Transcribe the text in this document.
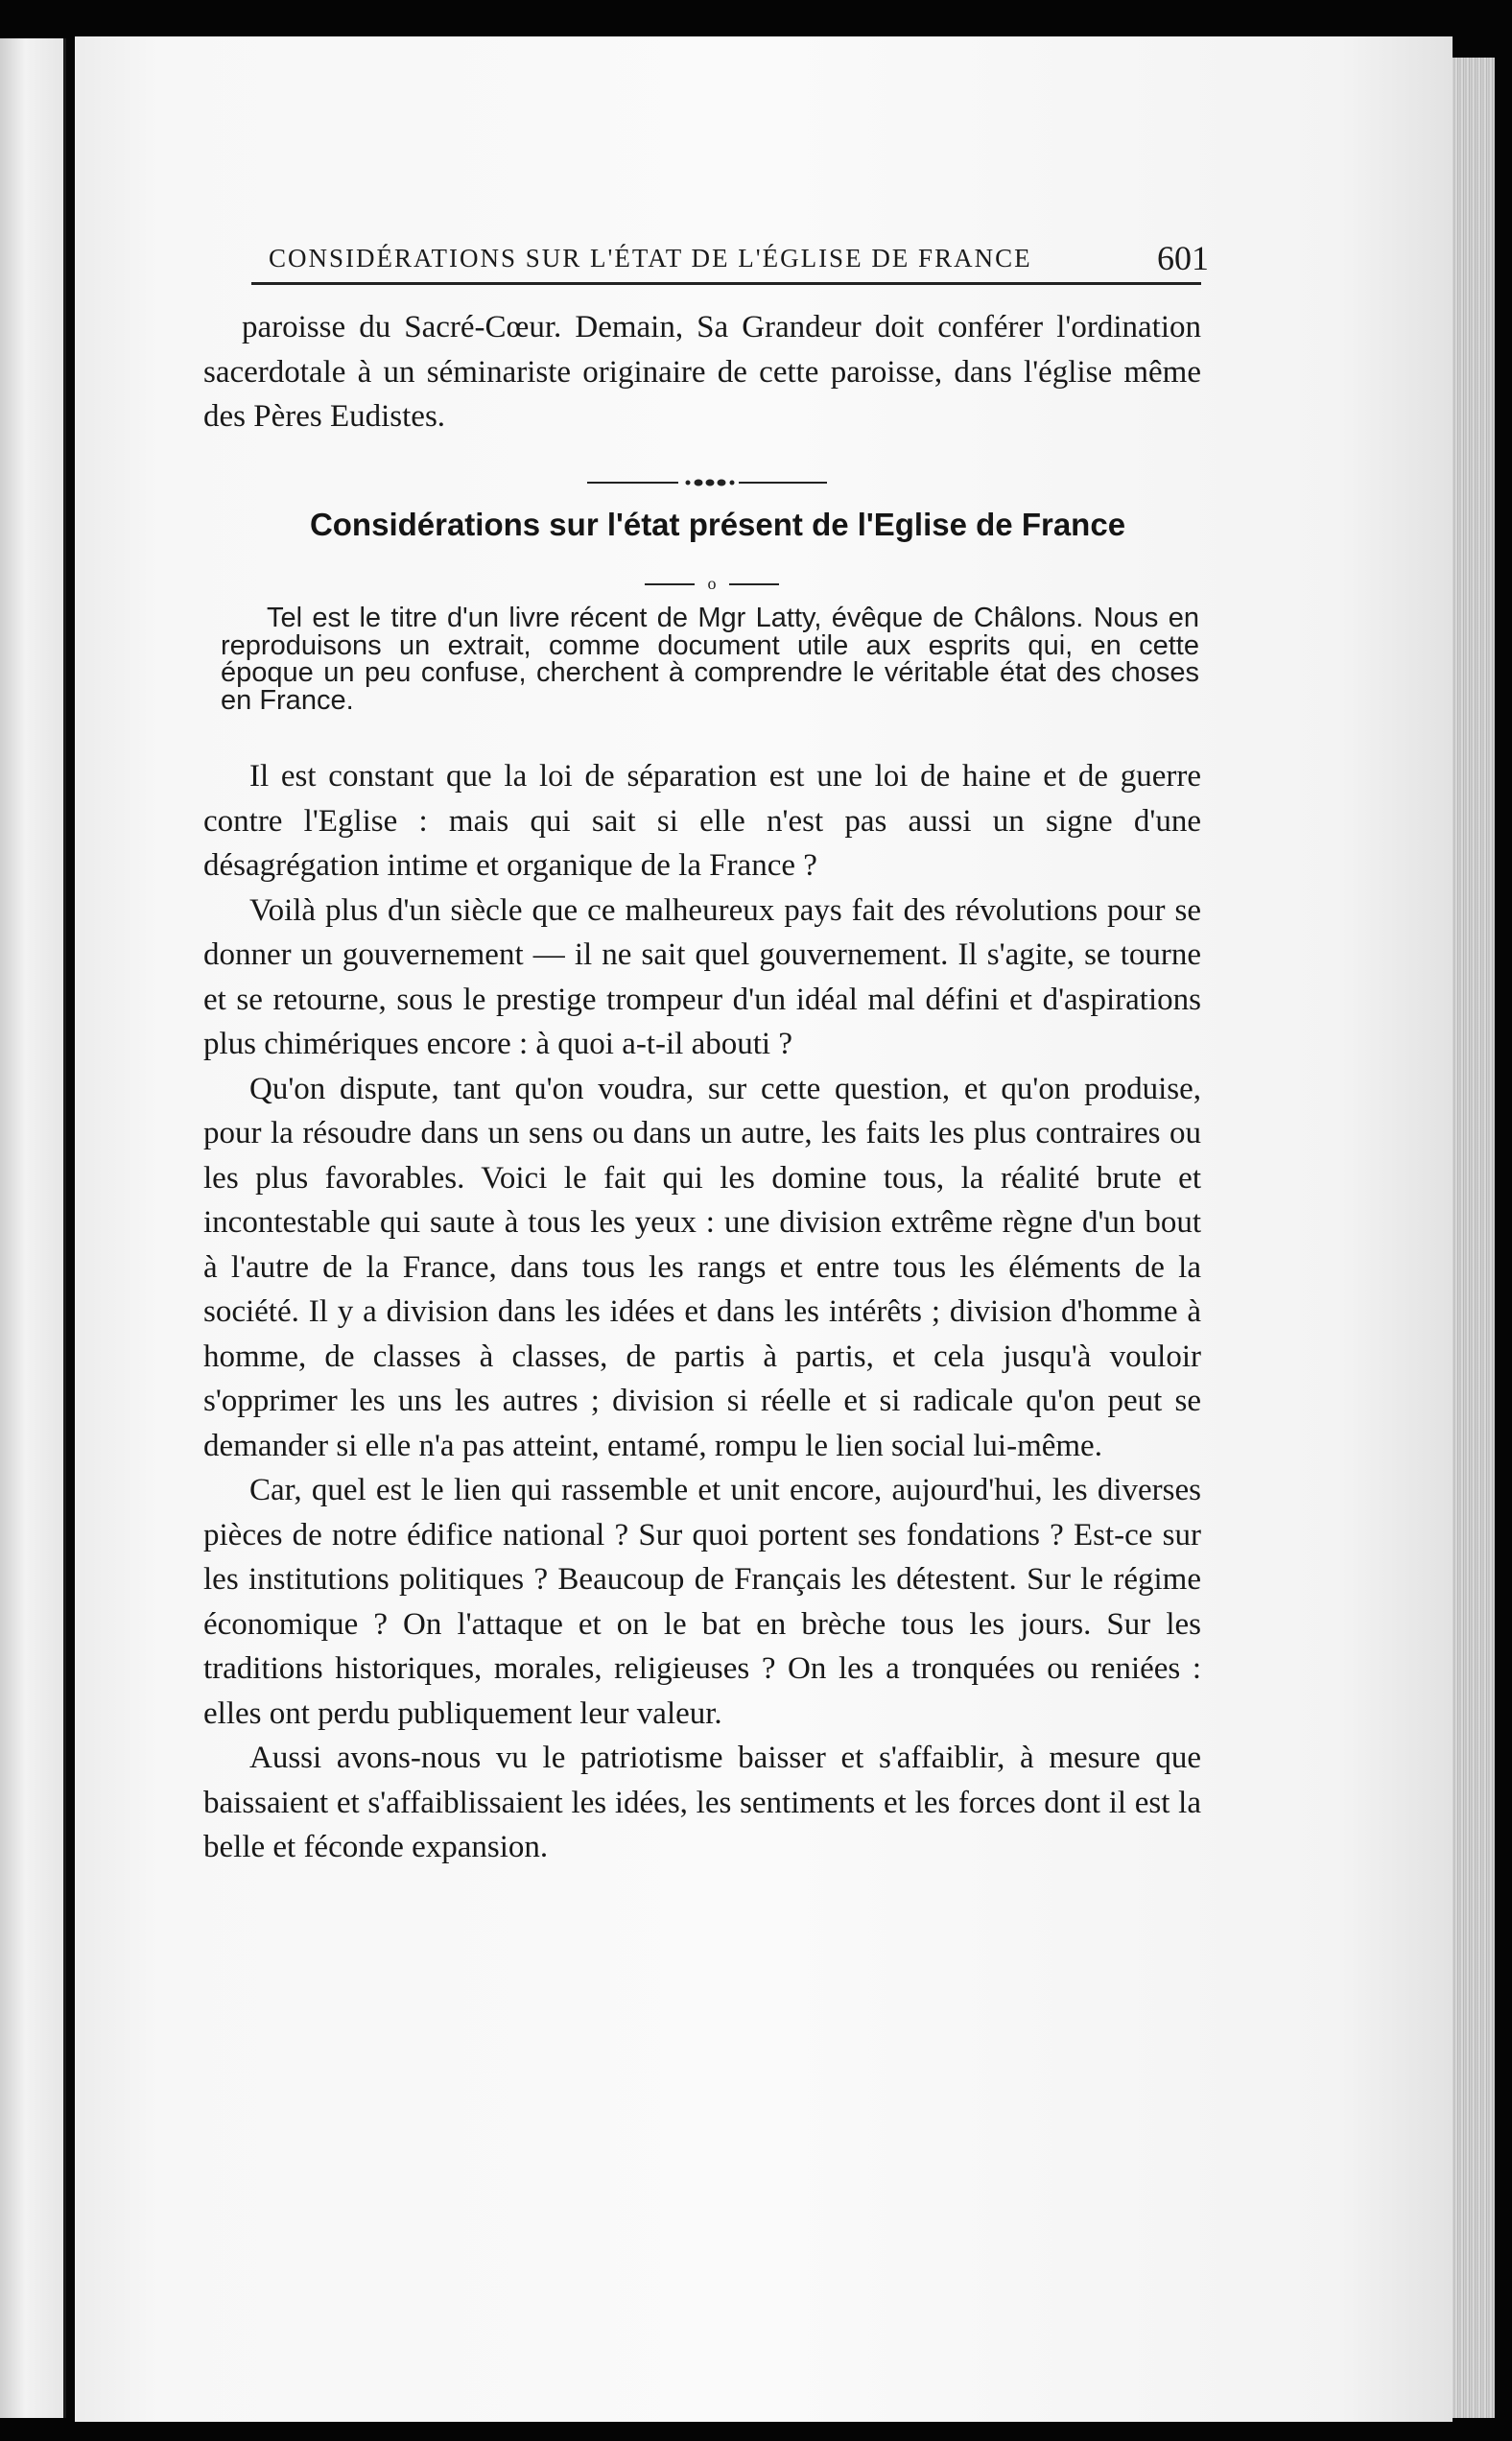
CONSIDÉRATIONS SUR L'ÉTAT DE L'ÉGLISE DE FRANCE	601

paroisse du Sacré-Cœur. Demain, Sa Grandeur doit conférer l'ordination sacerdotale à un séminariste originaire de cette paroisse, dans l'église même des Pères Eudistes.

Considérations sur l'état présent de l'Eglise de France
o

Tel est le titre d'un livre récent de Mgr Latty, évêque de Châlons. Nous en reproduisons un extrait, comme document utile aux esprits qui, en cette époque un peu confuse, cherchent à comprendre le véritable état des choses en France.

Il est constant que la loi de séparation est une loi de haine et de guerre contre l'Eglise : mais qui sait si elle n'est pas aussi un signe d'une désagrégation intime et organique de la France ?

Voilà plus d'un siècle que ce malheureux pays fait des révolutions pour se donner un gouvernement — il ne sait quel gouvernement. Il s'agite, se tourne et se retourne, sous le prestige trompeur d'un idéal mal défini et d'aspirations plus chimériques encore : à quoi a-t-il abouti ?

Qu'on dispute, tant qu'on voudra, sur cette question, et qu'on produise, pour la résoudre dans un sens ou dans un autre, les faits les plus contraires ou les plus favorables. Voici le fait qui les domine tous, la réalité brute et incontestable qui saute à tous les yeux : une division extrême règne d'un bout à l'autre de la France, dans tous les rangs et entre tous les éléments de la société. Il y a division dans les idées et dans les intérêts ; division d'homme à homme, de classes à classes, de partis à partis, et cela jusqu'à vouloir s'opprimer les uns les autres ; division si réelle et si radicale qu'on peut se demander si elle n'a pas atteint, entamé, rompu le lien social lui-même.

Car, quel est le lien qui rassemble et unit encore, aujourd'hui, les diverses pièces de notre édifice national ? Sur quoi portent ses fondations ? Est-ce sur les institutions politiques ? Beaucoup de Français les détestent. Sur le régime économique ? On l'attaque et on le bat en brèche tous les jours. Sur les traditions historiques, morales, religieuses ? On les a tronquées ou reniées : elles ont perdu publiquement leur valeur.

Aussi avons-nous vu le patriotisme baisser et s'affaiblir, à mesure que baissaient et s'affaiblissaient les idées, les sentiments et les forces dont il est la belle et féconde expansion.
